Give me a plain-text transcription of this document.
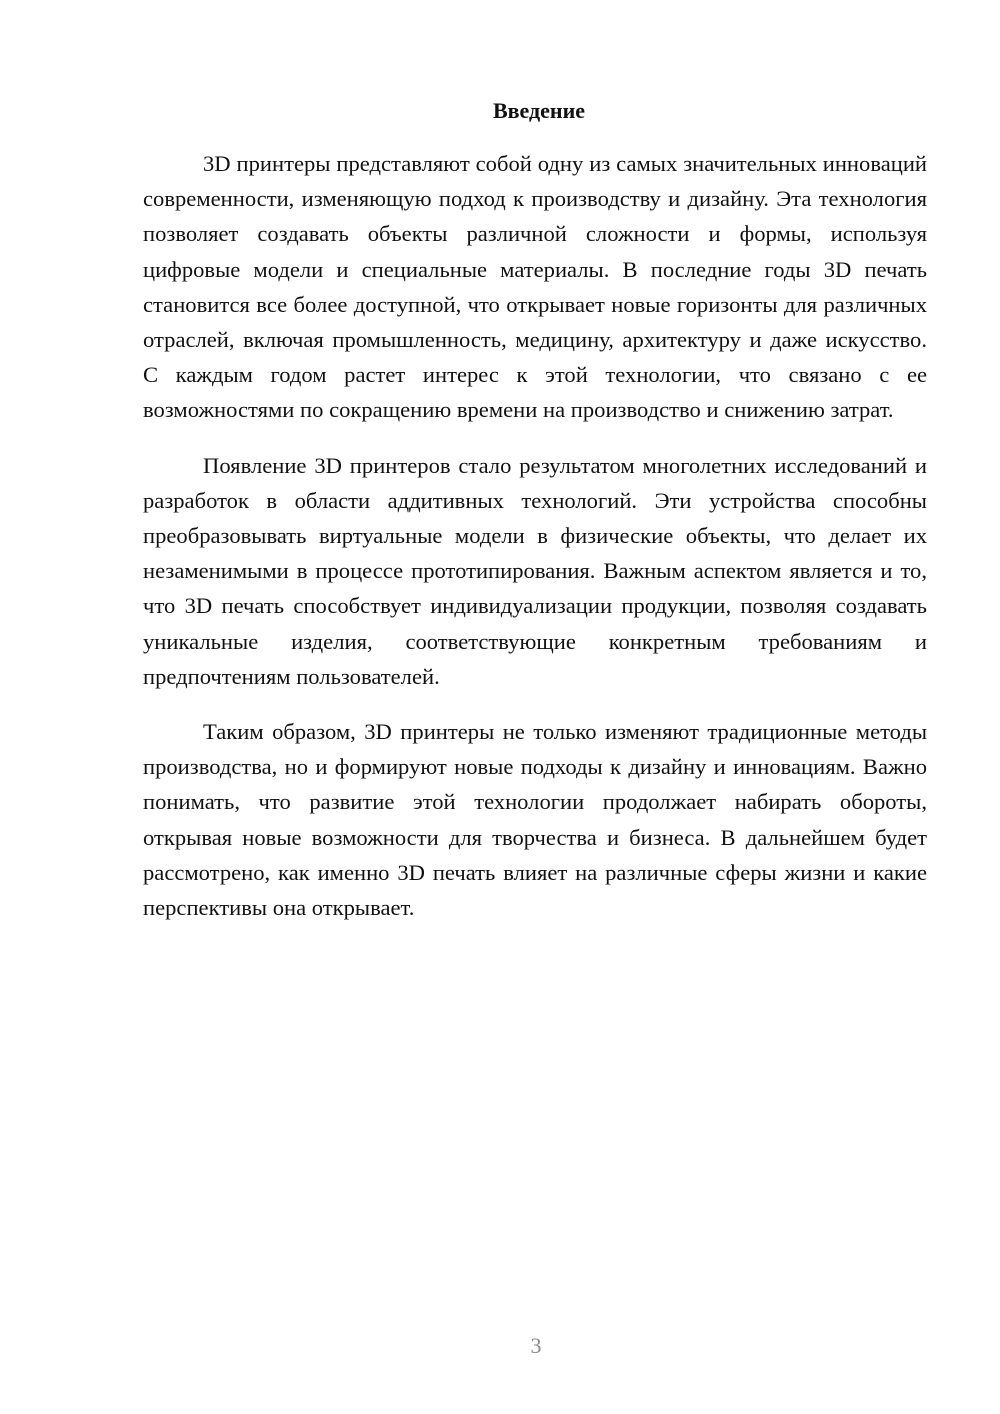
Введение

3D принтеры представляют собой одну из самых значительных инноваций современности, изменяющую подход к производству и дизайну. Эта технология позволяет создавать объекты различной сложности и формы, используя цифровые модели и специальные материалы. В последние годы 3D печать становится все более доступной, что открывает новые горизонты для различных отраслей, включая промышленность, медицину, архитектуру и даже искусство. С каждым годом растет интерес к этой технологии, что связано с ее возможностями по сокращению времени на производство и снижению затрат.

Появление 3D принтеров стало результатом многолетних исследований и разработок в области аддитивных технологий. Эти устройства способны преобразовывать виртуальные модели в физические объекты, что делает их незаменимыми в процессе прототипирования. Важным аспектом является и то, что 3D печать способствует индивидуализации продукции, позволяя создавать уникальные изделия, соответствующие конкретным требованиям и предпочтениям пользователей.

Таким образом, 3D принтеры не только изменяют традиционные методы производства, но и формируют новые подходы к дизайну и инновациям. Важно понимать, что развитие этой технологии продолжает набирать обороты, открывая новые возможности для творчества и бизнеса. В дальнейшем будет рассмотрено, как именно 3D печать влияет на различные сферы жизни и какие перспективы она открывает.

3
